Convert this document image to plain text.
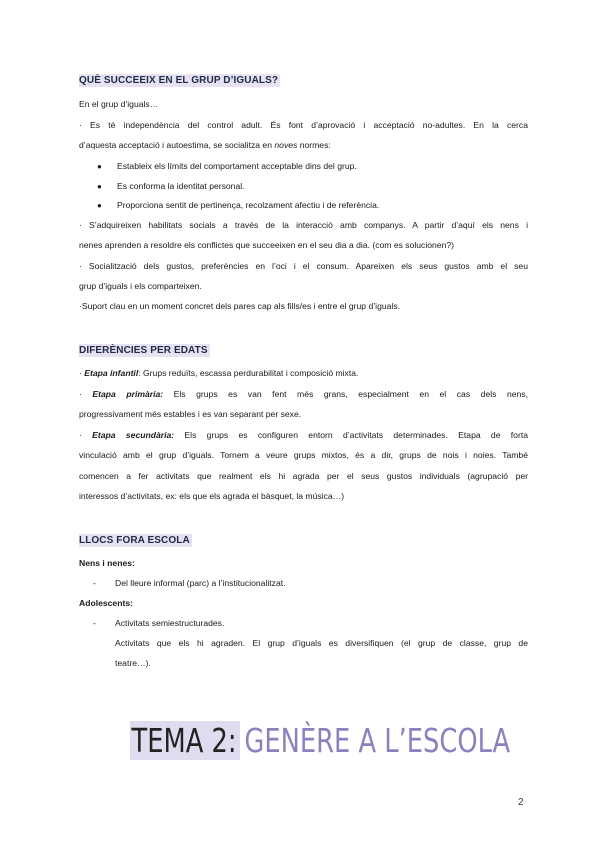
QUÈ SUCCEEIX EN EL GRUP D’IGUALS?
En el grup d’iguals…
· Es té independència del control adult. És font d’aprovació i acceptació no-adultes. En la cerca
d’aquesta acceptació i autoestima, se socialitza en noves normes:
● Estableix els límits del comportament acceptable dins del grup.
● Es conforma la identitat personal.
● Proporciona sentit de pertinença, recolzament afectiu i de referència.
· S’adquireixen habilitats socials a través de la interacció amb companys. A partir d’aquí els nens i
nenes aprenden a resoldre els conflictes que succeeixen en el seu dia a dia. (com es solucionen?)
· Socialització dels gustos, preferències en l’oci i el consum. Apareixen els seus gustos amb el seu
grup d’iguals i els comparteixen.
·Suport clau en un moment concret dels pares cap als fills/es i entre el grup d’iguals.
DIFERÈNCIES PER EDATS
· Etapa infantil: Grups reduïts, escassa perdurabilitat i composició mixta.
· Etapa primària: Els grups es van fent més grans, especialment en el cas dels nens,
progressivament més estables i es van separant per sexe.
· Etapa secundària: Els grups es configuren entorn d’activitats determinades. Etapa de forta
vinculació amb el grup d’iguals. Tornem a veure grups mixtos, és a dir, grups de nois i noies. També
comencen a fer activitats que realment els hi agrada per el seus gustos individuals (agrupació per
interessos d’activitats, ex: els que els agrada el bàsquet, la música…)
LLOCS FORA ESCOLA
Nens i nenes:
- Del lleure informal (parc) a l’institucionalitzat.
Adolescents:
- Activitats semiestructurades.
Activitats que els hi agraden. El grup d’iguals es diversifiquen (el grup de classe, grup de
teatre…).
TEMA 2: GENÈRE A L’ESCOLA
2
